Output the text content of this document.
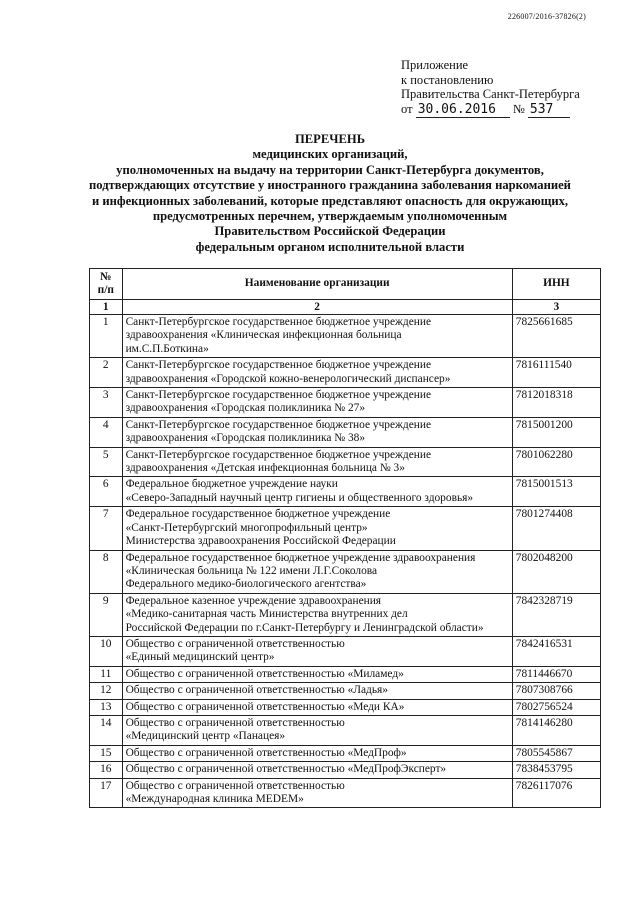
226007/2016-37826(2)
Приложение
к постановлению
Правительства Санкт-Петербурга
от 30.06.2016 № 537
ПЕРЕЧЕНЬ
медицинских организаций,
уполномоченных на выдачу на территории Санкт-Петербурга документов,
подтверждающих отсутствие у иностранного гражданина заболевания наркоманией
и инфекционных заболеваний, которые представляют опасность для окружающих,
предусмотренных перечнем, утверждаемым уполномоченным
Правительством Российской Федерации
федеральным органом исполнительной власти
№
п/п	Наименование организации	ИНН
1	2	3
1	Санкт-Петербургское государственное бюджетное учреждение
здравоохранения «Клиническая инфекционная больница
им.С.П.Боткина»	7825661685
2	Санкт-Петербургское государственное бюджетное учреждение
здравоохранения «Городской кожно-венерологический диспансер»	7816111540
3	Санкт-Петербургское государственное бюджетное учреждение
здравоохранения «Городская поликлиника № 27»	7812018318
4	Санкт-Петербургское государственное бюджетное учреждение
здравоохранения «Городская поликлиника № 38»	7815001200
5	Санкт-Петербургское государственное бюджетное учреждение
здравоохранения «Детская инфекционная больница № 3»	7801062280
6	Федеральное бюджетное учреждение науки
«Северо-Западный научный центр гигиены и общественного здоровья»	7815001513
7	Федеральное государственное бюджетное учреждение
«Санкт-Петербургский многопрофильный центр»
Министерства здравоохранения Российской Федерации	7801274408
8	Федеральное государственное бюджетное учреждение здравоохранения
«Клиническая больница № 122 имени Л.Г.Соколова
Федерального медико-биологического агентства»	7802048200
9	Федеральное казенное учреждение здравоохранения
«Медико-санитарная часть Министерства внутренних дел
Российской Федерации по г.Санкт-Петербургу и Ленинградской области»	7842328719
10	Общество с ограниченной ответственностью
«Единый медицинский центр»	7842416531
11	Общество с ограниченной ответственностью «Миламед»	7811446670
12	Общество с ограниченной ответственностью «Ладья»	7807308766
13	Общество с ограниченной ответственностью «Меди КА»	7802756524
14	Общество с ограниченной ответственностью
«Медицинский центр «Панацея»	7814146280
15	Общество с ограниченной ответственностью «МедПроф»	7805545867
16	Общество с ограниченной ответственностью «МедПрофЭксперт»	7838453795
17	Общество с ограниченной ответственностью
«Международная клиника MEDEM»	7826117076
